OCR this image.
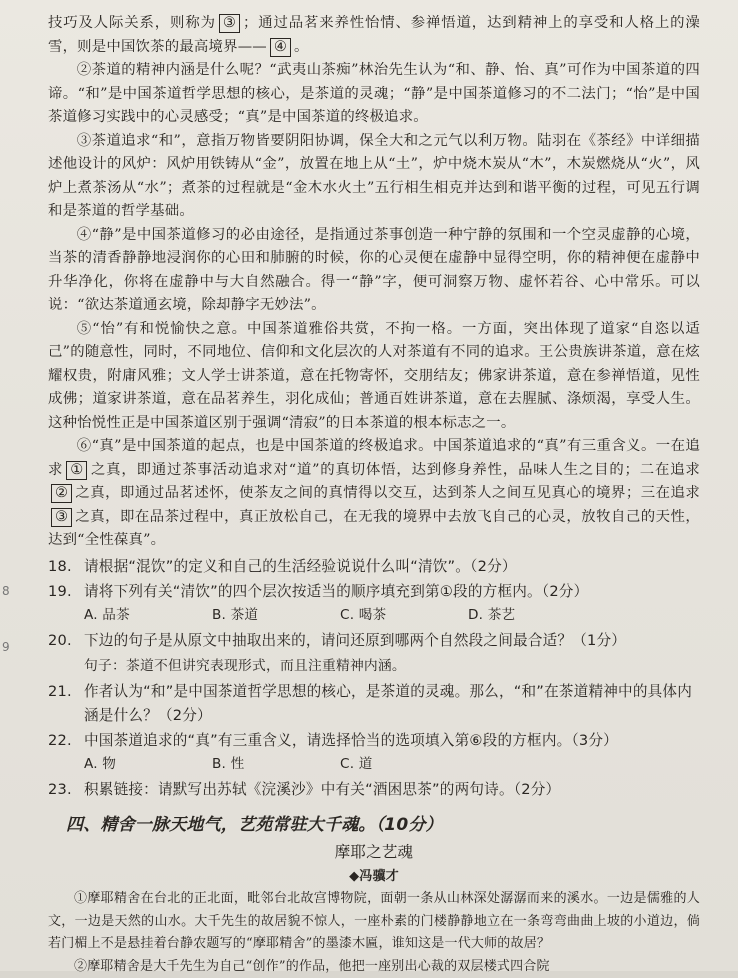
8
9

技巧及人际关系，则称为 ③ ；通过品茗来养性怡情、参禅悟道，达到精神上的享受和人格上的澡雪，则是中国饮茶的最高境界—— ④ 。

②茶道的精神内涵是什么呢？“武夷山茶痴”林治先生认为“和、静、怡、真”可作为中国茶道的四谛。“和”是中国茶道哲学思想的核心，是茶道的灵魂；“静”是中国茶道修习的不二法门；“怡”是中国茶道修习实践中的心灵感受；“真”是中国茶道的终极追求。

③茶道追求“和”，意指万物皆要阴阳协调，保全大和之元气以利万物。陆羽在《茶经》中详细描述他设计的风炉：风炉用铁铸从“金”，放置在地上从“土”，炉中烧木炭从“木”，木炭燃烧从“火”，风炉上煮茶汤从“水”；煮茶的过程就是“金木水火土”五行相生相克并达到和谐平衡的过程，可见五行调和是茶道的哲学基础。

④“静”是中国茶道修习的必由途径，是指通过茶事创造一种宁静的氛围和一个空灵虚静的心境，当茶的清香静静地浸润你的心田和肺腑的时候，你的心灵便在虚静中显得空明，你的精神便在虚静中升华净化，你将在虚静中与大自然融合。得一“静”字，便可洞察万物、虚怀若谷、心中常乐。可以说：“欲达茶道通玄境，除却静字无妙法”。

⑤“怡”有和悦愉快之意。中国茶道雅俗共赏，不拘一格。一方面，突出体现了道家“自恣以适己”的随意性，同时，不同地位、信仰和文化层次的人对茶道有不同的追求。王公贵族讲茶道，意在炫耀权贵，附庸风雅；文人学士讲茶道，意在托物寄怀，交朋结友；佛家讲茶道，意在参禅悟道，见性成佛；道家讲茶道，意在品茗养生，羽化成仙；普通百姓讲茶道，意在去腥腻、涤烦渴，享受人生。这种怡悦性正是中国茶道区别于强调“清寂”的日本茶道的根本标志之一。

⑥“真”是中国茶道的起点，也是中国茶道的终极追求。中国茶道追求的“真”有三重含义。一在追求 ① 之真，即通过茶事活动追求对“道”的真切体悟，达到修身养性，品味人生之目的；二在追求② 之真，即通过品茗述怀，使茶友之间的真情得以交互，达到茶人之间互见真心的境界；三在追求③ 之真，即在品茶过程中，真正放松自己，在无我的境界中去放飞自己的心灵，放牧自己的天性，达到“全性葆真”。

18. 请根据“混饮”的定义和自己的生活经验说说什么叫“清饮”。（2分）
19. 请将下列有关“清饮”的四个层次按适当的顺序填充到第①段的方框内。（2分）
A. 品茶	B. 茶道	C. 喝茶	D. 茶艺
20. 下边的句子是从原文中抽取出来的，请问还原到哪两个自然段之间最合适？（1分）
句子：茶道不但讲究表现形式，而且注重精神内涵。
21. 作者认为“和”是中国茶道哲学思想的核心，是茶道的灵魂。那么，“和”在茶道精神中的具体内涵是什么？（2分）
22. 中国茶道追求的“真”有三重含义，请选择恰当的选项填入第⑥段的方框内。（3分）
A. 物	B. 性	C. 道
23. 积累链接：请默写出苏轼《浣溪沙》中有关“酒困思茶”的两句诗。（2分）
四、精舍一脉天地气，艺苑常驻大千魂。（10分）
摩耶之艺魂
◆冯骥才

①摩耶精舍在台北的正北面，毗邻台北故宫博物院，面朝一条从山林深处潺潺而来的溪水。一边是儒雅的人文，一边是天然的山水。大千先生的故居貌不惊人，一座朴素的门楼静静地立在一条弯弯曲曲上坡的小道边，倘若门楣上不是悬挂着台静农题写的“摩耶精舍”的墨漆木匾，谁知这是一代大师的故居？

②摩耶精舍是大千先生为自己“创作”的作品，他把一座别出心裁的双层楼式四合院
